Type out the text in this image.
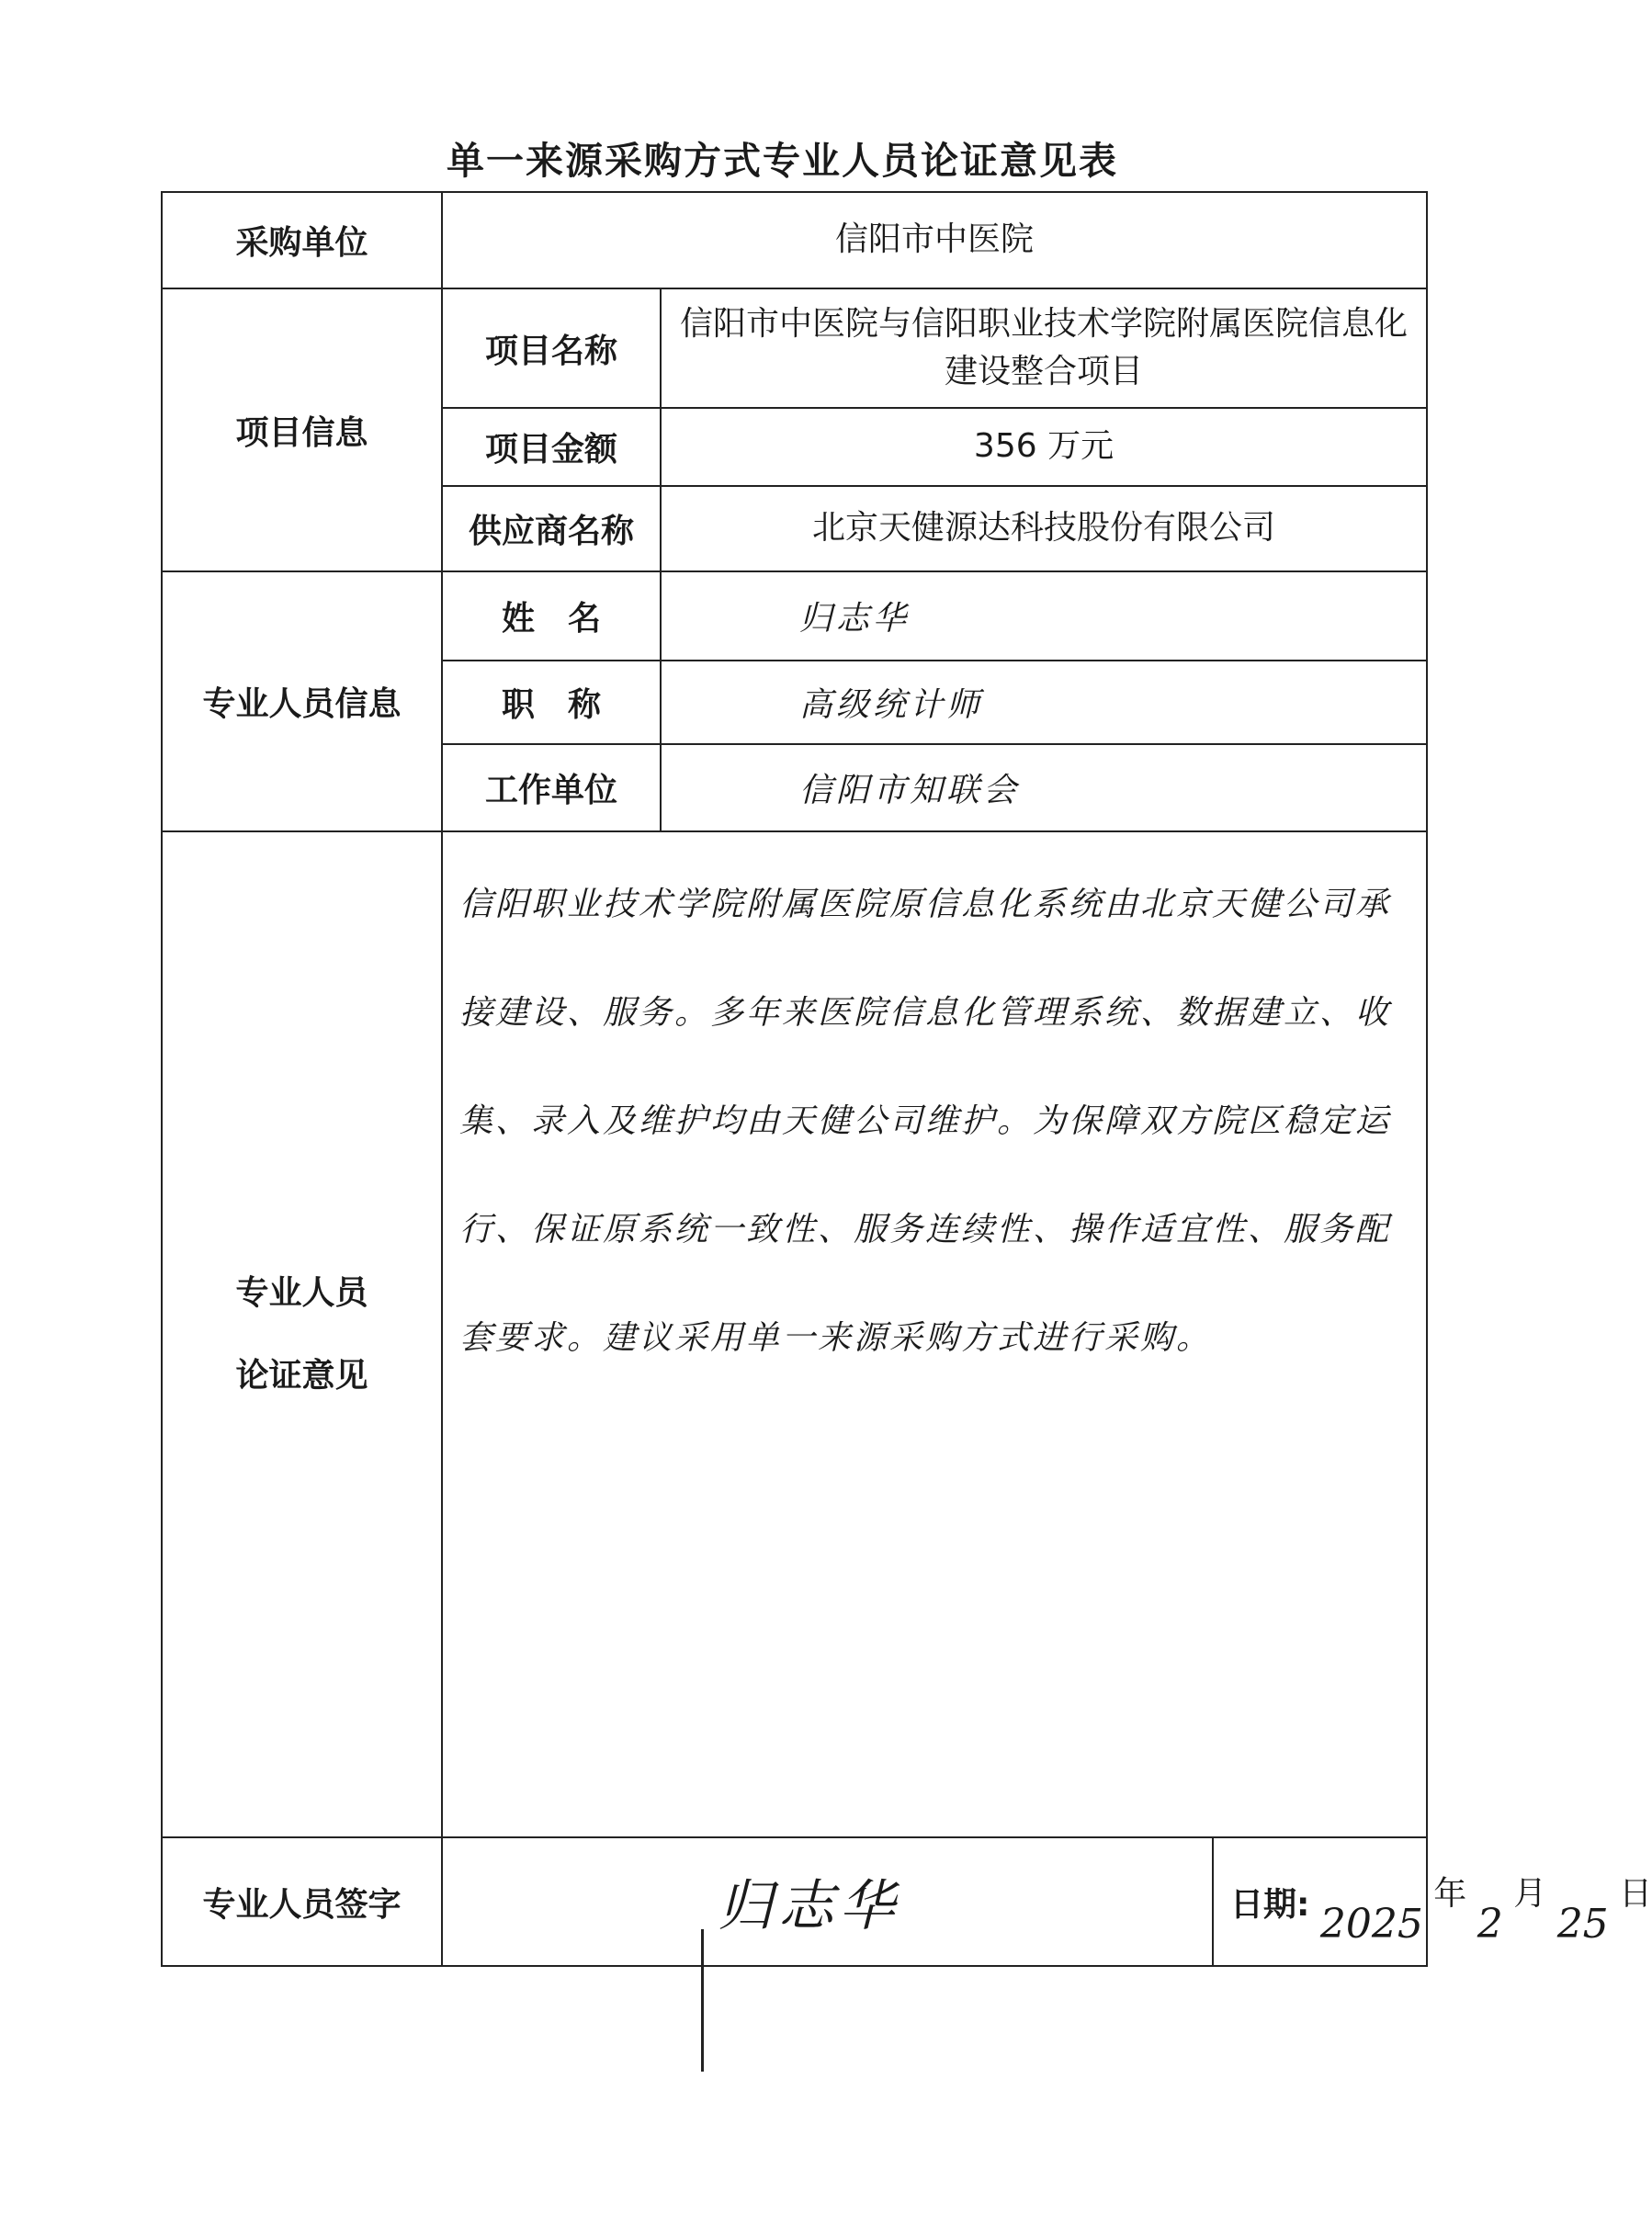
单一来源采购方式专业人员论证意见表
采购单位	信阳市中医院		
项目信息	项目名称	信阳市中医院与信阳职业技术学院附属医院信息化建设整合项目	
	项目金额	356 万元	
	供应商名称	北京天健源达科技股份有限公司	
专业人员信息	姓名	归志华	
	职称	高级统计师	
	工作单位	信阳市知联会	
专业人员
论证意见	信阳职业技术学院附属医院原信息化系统由北京天健公司承接建设、服务。多年来医院信息化管理系统、数据建立、收集、录入及维护均由天健公司维护。为保障双方院区稳定运行、保证原系统一致性、服务连续性、操作适宜性、服务配套要求。建议采用单一来源采购方式进行采购。		
专业人员签字	归志华		日期: 2025 年 2 月 25 日
